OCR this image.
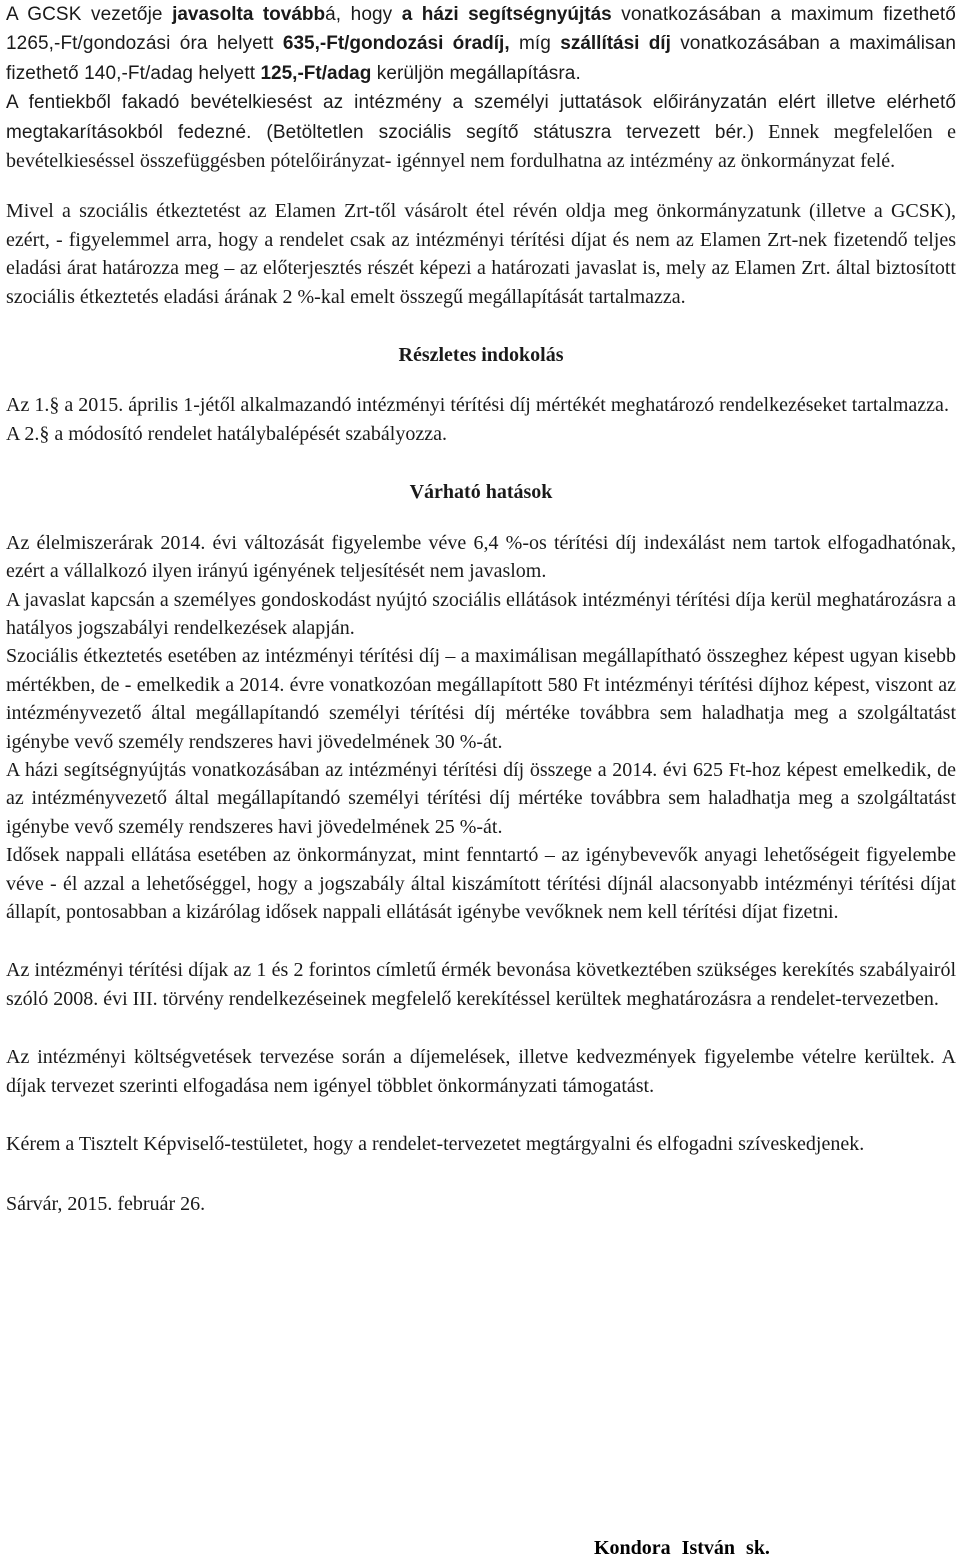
A GCSK vezetője javasolta továbbá, hogy a házi segítségnyújtás vonatkozásában a maximum fizethető 1265,-Ft/gondozási óra helyett 635,-Ft/gondozási óradíj, míg szállítási díj vonatkozásában a maximálisan fizethető 140,-Ft/adag helyett 125,-Ft/adag kerüljön megállapításra.

A fentiekből fakadó bevételkiesést az intézmény a személyi juttatások előirányzatán elért illetve elérhető megtakarításokból fedezné. (Betöltetlen szociális segítő státuszra tervezett bér.) Ennek megfelelően e bevételkieséssel összefüggésben pótelőirányzat- igénnyel nem fordulhatna az intézmény az önkormányzat felé.

Mivel a szociális étkeztetést az Elamen Zrt-től vásárolt étel révén oldja meg önkormányzatunk (illetve a GCSK), ezért, - figyelemmel arra, hogy a rendelet csak az intézményi térítési díjat és nem az Elamen Zrt-nek fizetendő teljes eladási árat határozza meg – az előterjesztés részét képezi a határozati javaslat is, mely az Elamen Zrt. által biztosított szociális étkeztetés eladási árának 2 %-kal emelt összegű megállapítását tartalmazza.

Részletes indokolás

Az 1.§ a 2015. április 1-jétől alkalmazandó intézményi térítési díj mértékét meghatározó rendelkezéseket tartalmazza.

A 2.§ a módosító rendelet hatálybalépését szabályozza.

Várható hatások

Az élelmiszerárak 2014. évi változását figyelembe véve 6,4 %-os térítési díj indexálást nem tartok elfogadhatónak, ezért a vállalkozó ilyen irányú igényének teljesítését nem javaslom.

A javaslat kapcsán a személyes gondoskodást nyújtó szociális ellátások intézményi térítési díja kerül meghatározásra a hatályos jogszabályi rendelkezések alapján.

Szociális étkeztetés esetében az intézményi térítési díj – a maximálisan megállapítható összeghez képest ugyan kisebb mértékben, de - emelkedik a 2014. évre vonatkozóan megállapított 580 Ft intézményi térítési díjhoz képest, viszont az intézményvezető által megállapítandó személyi térítési díj mértéke továbbra sem haladhatja meg a szolgáltatást igénybe vevő személy rendszeres havi jövedelmének 30 %-át.

A házi segítségnyújtás vonatkozásában az intézményi térítési díj összege a 2014. évi 625 Ft-hoz képest emelkedik, de az intézményvezető által megállapítandó személyi térítési díj mértéke továbbra sem haladhatja meg a szolgáltatást igénybe vevő személy rendszeres havi jövedelmének 25 %-át.

Idősek nappali ellátása esetében az önkormányzat, mint fenntartó – az igénybevevők anyagi lehetőségeit figyelembe véve - él azzal a lehetőséggel, hogy a jogszabály által kiszámított térítési díjnál alacsonyabb intézményi térítési díjat állapít, pontosabban a kizárólag idősek nappali ellátását igénybe vevőknek nem kell térítési díjat fizetni.

Az intézményi térítési díjak az 1 és 2 forintos címletű érmék bevonása következtében szükséges kerekítés szabályairól szóló 2008. évi III. törvény rendelkezéseinek megfelelő kerekítéssel kerültek meghatározásra a rendelet-tervezetben.

Az intézményi költségvetések tervezése során a díjemelések, illetve kedvezmények figyelembe vételre kerültek. A díjak tervezet szerinti elfogadása nem igényel többlet önkormányzati támogatást.

Kérem a Tisztelt Képviselő-testületet, hogy a rendelet-tervezetet megtárgyalni és elfogadni szíveskedjenek.

Sárvár, 2015. február 26.

Kondora István sk.
